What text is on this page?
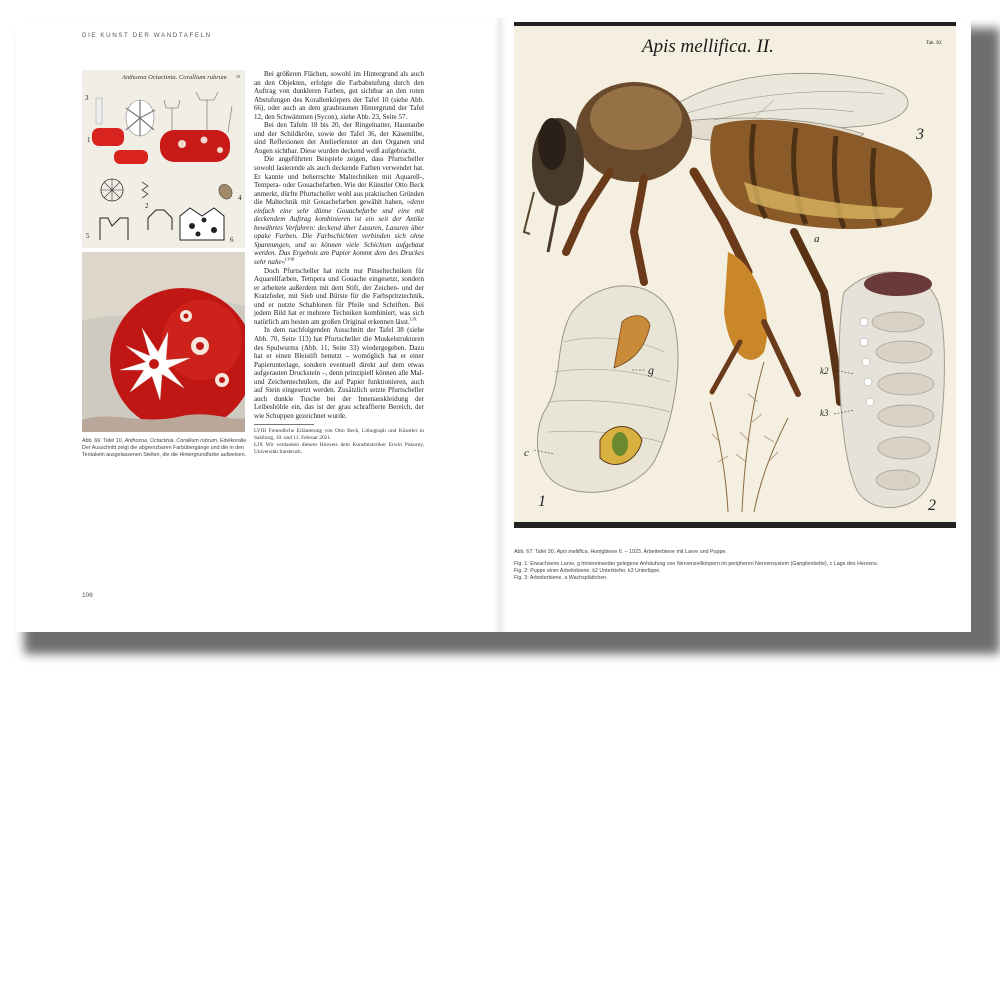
DIE KUNST DER WANDTAFELN
Anthozoa Octactinia. Corallium rubrum 10
3
1
2
4
5	6
Abb. 66: Tafel 10, Anthozoa. Octactinia. Corallium rubrum, Edelkoralle. Der Ausschnitt zeigt die abgrenzbaren Farbübergänge und die in den Tentakeln ausgelassenen Stellen, die die Hintergrundfarbe aufweisen.

Bei größeren Flächen, sowohl im Hintergrund als auch an den Objekten, erfolgte die Farbabstufung durch den Auftrag von dunkleren Farben, gut sichtbar an den roten Abstufungen des Korallenkörpers der Tafel 10 (siehe Abb. 66), oder auch an dem graubraunen Hintergrund der Tafel 12, den Schwämmen (Sycon), siehe Abb. 23, Seite 57.

Bei den Tafeln 18 bis 20, der Ringelnatter, Haustaube und der Schildkröte, sowie der Tafel 36, der Käsemilbe, sind Reflexionen der Atelierfenster an den Organen und Augen sichtbar. Diese wurden deckend weiß aufgebracht.

Die angeführten Beispiele zeigen, dass Pfurtscheller sowohl lasierende als auch deckende Farben verwendet hat. Er kannte und beherrschte Maltechniken mit Aquarell-, Tempera- oder Gouachefarben. Wie der Künstler Otto Beck anmerkt, dürfte Pfurtscheller wohl aus praktischen Gründen die Maltechnik mit Gouachefarben gewählt haben, »denn einfach eine sehr dünne Gouachefarbe und eine mit deckendem Auftrag kombinieren ist ein seit der Antike bewährtes Verfahren: deckend über Lasuren, Lasuren über opake Farben. Die Farbschichten verbinden sich ohne Spannungen, und so können viele Schichten aufgebaut werden. Das Ergebnis am Papier kommt dem des Druckes sehr nahe«$^{LVIII}$

Doch Pfurtscheller hat nicht nur Pinseltechniken für Aquarellfarben, Tempera und Gouache eingesetzt, sondern er arbeitete außerdem mit dem Stift, der Zeichen- und der Kratzfeder, mit Sieb und Bürste für die Farbspritztechnik, und er nutzte Schablonen für Pfeile und Schriften. Bei jedem Bild hat er mehrere Techniken kombiniert, was sich natürlich am besten am großen Original erkennen lässt.$^{LIX}$

In dem nachfolgenden Ausschnitt der Tafel 38 (siehe Abb. 70, Seite 113) hat Pfurtscheller die Muskelstrukturen des Spulwurms (Abb. 11, Seite 33) wiedergegeben. Dazu hat er einen Bleistift benutzt – womöglich hat er einer Papierunterlage, sondern eventuell direkt auf dem etwas aufgerauten Druckstein –, denn prinzipiell können alle Mal- und Zeichentechniken, die auf Papier funktionieren, auch auf Stein eingesetzt werden. Zusätzlich setzte Pfurtscheller auch dunkle Tusche bei der Innenauskleidung der Leibeshöhle ein, das ist der grau schraffierte Bereich, der wie Schuppen gezeichnet wurde.

LVIII Freundliche Erläuterung von Otto Beck, Lithograph und Künstler in Salzburg, 10. und 11. Februar 2021.
LIX Wir verdanken diesem Hinweis dem Kunsthistoriker Erwin Pokorny, Universität Innsbruck.
106
Apis mellifica. II.	Tab. 30.
3
a
g
c
1
k2
k3
2
Abb. 67: Tafel 30, Apis mellifica, Honigbiene II. – 1923. Arbeiterbiene mit Larve und Puppe.
Fig. 1: Erwachsene Larve, g hintereinander gelegene Anhäufung von Nervenzellkörpern im peripheren Nervensystem (Ganglienkette), c Lage des Herzens.
Fig. 2: Puppe einer Arbeitsbiene, k2 Unterkiefer, k3 Unterlippe.
Fig. 3: Arbeiterbiene, a Wachsplättchen.
